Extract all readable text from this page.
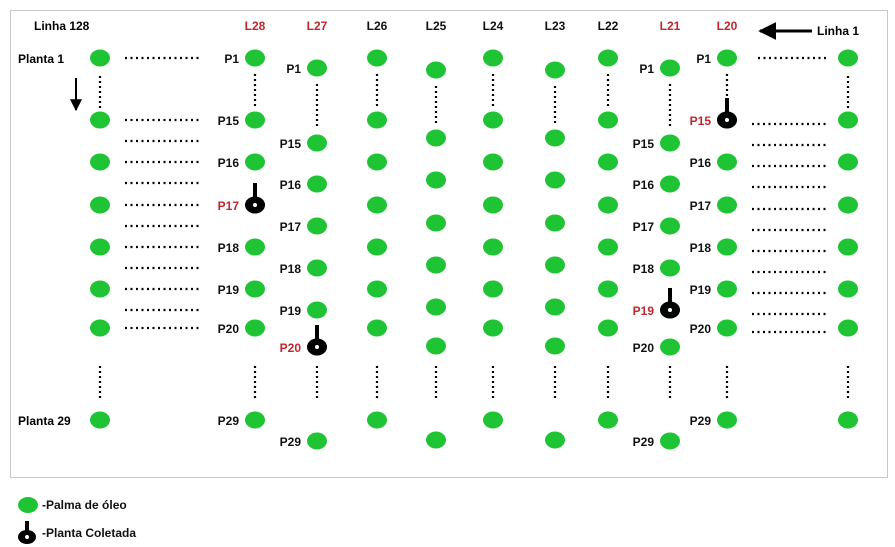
Linha 128	Linha 1
Planta 1
Planta 29
L28	L27	L26	L25	L24	L23	L22	L21	L20
P1
P15
P16
P17
P18
P19
P20
P29
P1
P15
P16
P17
P18
P19
P20
P29
P1
P15
P16
P17
P18
P19
P20
P29
P1
P15
P16
P17
P18
P19
P20
P29
-Palma de óleo
-Planta Coletada
